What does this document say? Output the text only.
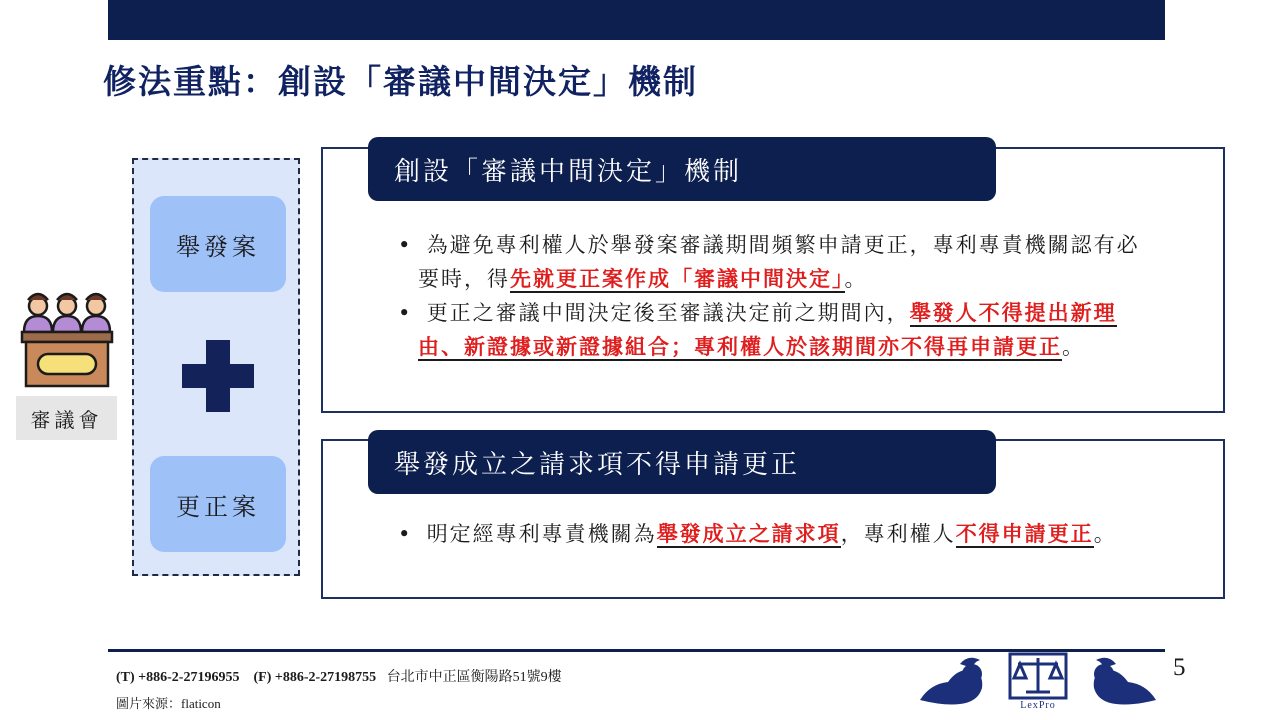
修法重點：創設「審議中間決定」機制
舉發案
更正案
審議會
創設「審議中間決定」機制
• 為避免專利權人於舉發案審議期間頻繁申請更正，專利專責機關認有必要時，得先就更正案作成「審議中間決定」。
• 更正之審議中間決定後至審議決定前之期間內，舉發人不得提出新理由、新證據或新證據組合；專利權人於該期間亦不得再申請更正。
舉發成立之請求項不得申請更正
• 明定經專利專責機關為舉發成立之請求項，專利權人不得申請更正。
(T) +886-2-27196955 (F) +886-2-27198755 台北市中正區衡陽路51號9樓
圖片來源：flaticon	LexPro
5
